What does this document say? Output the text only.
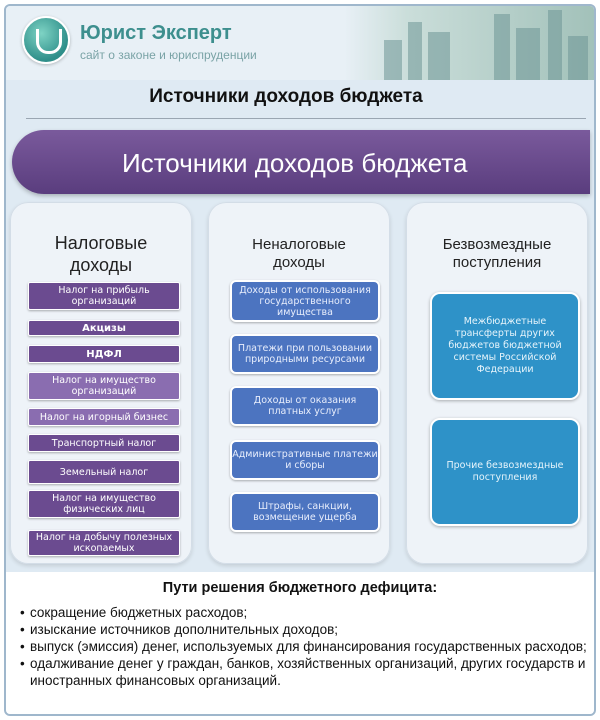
Юрист Эксперт
сайт о законе и юриспруденции
Источники доходов бюджета
Источники доходов бюджета
Налоговые доходы
Налог на прибыль организаций
Акцизы
НДФЛ
Налог на имущество организаций
Налог на игорный бизнес
Транспортный налог
Земельный налог
Налог на имущество физических лиц
Налог на добычу полезных ископаемых
Неналоговые доходы
Доходы от использования государственного имущества
Платежи при пользовании природными ресурсами
Доходы от оказания платных услуг
Административные платежи и сборы
Штрафы, санкции, возмещение ущерба
Безвозмездные поступления
Межбюджетные трансферты других бюджетов бюджетной системы Российской Федерации
Прочие безвозмездные поступления
Пути решения бюджетного дефицита:
• сокращение бюджетных расходов;
• изыскание источников дополнительных доходов;
• выпуск (эмиссия) денег, используемых для финансирования государственных расходов;
• одалживание денег у граждан, банков, хозяйственных организаций, других государств и иностранных финансовых организаций.
